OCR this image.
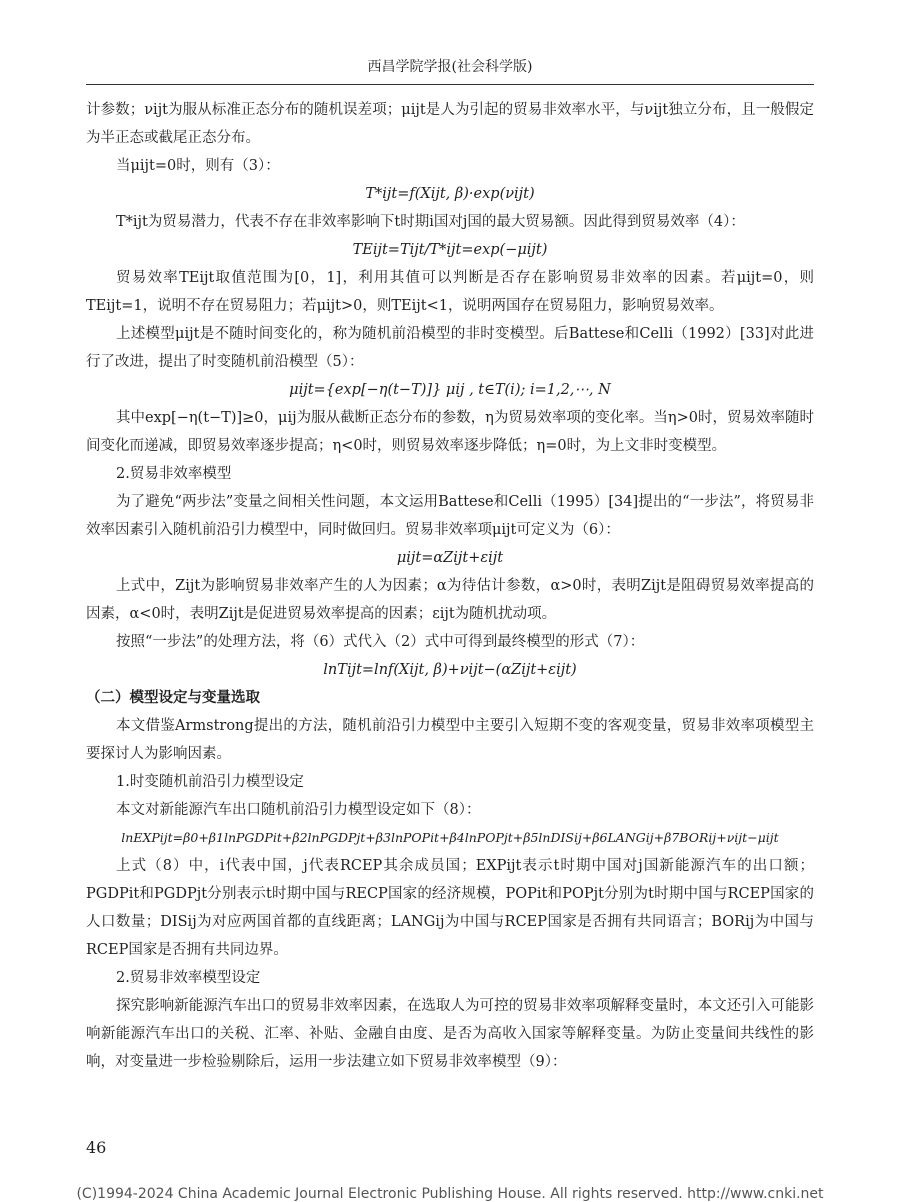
西昌学院学报(社会科学版)

计参数；νijt为服从标准正态分布的随机误差项；μijt是人为引起的贸易非效率水平，与νijt独立分布，且一般假定为半正态或截尾正态分布。

当μijt=0时，则有（3）：

T*ijt=f(Xijt, β)·exp(νijt)

T*ijt为贸易潜力，代表不存在非效率影响下t时期i国对j国的最大贸易额。因此得到贸易效率（4）：

TEijt=Tijt/T*ijt=exp(−μijt)

贸易效率TEijt取值范围为[0，1]，利用其值可以判断是否存在影响贸易非效率的因素。若μijt=0，则TEijt=1，说明不存在贸易阻力；若μijt>0，则TEijt<1，说明两国存在贸易阻力，影响贸易效率。

上述模型μijt是不随时间变化的，称为随机前沿模型的非时变模型。后Battese和Celli（1992）[33]对此进行了改进，提出了时变随机前沿模型（5）：

μijt={exp[−η(t−T)]} μij , t∈T(i); i=1,2,⋯, N

其中exp[−η(t−T)]≥0，μij为服从截断正态分布的参数，η为贸易效率项的变化率。当η>0时，贸易效率随时间变化而递减，即贸易效率逐步提高；η<0时，则贸易效率逐步降低；η=0时，为上文非时变模型。

2.贸易非效率模型

为了避免“两步法”变量之间相关性问题，本文运用Battese和Celli（1995）[34]提出的“一步法”，将贸易非效率因素引入随机前沿引力模型中，同时做回归。贸易非效率项μijt可定义为（6）：

μijt=αZijt+εijt

上式中，Zijt为影响贸易非效率产生的人为因素；α为待估计参数，α>0时，表明Zijt是阻碍贸易效率提高的因素，α<0时，表明Zijt是促进贸易效率提高的因素；εijt为随机扰动项。

按照“一步法”的处理方法，将（6）式代入（2）式中可得到最终模型的形式（7）：

lnTijt=lnf(Xijt, β)+νijt−(αZijt+εijt)

（二）模型设定与变量选取

本文借鉴Armstrong提出的方法，随机前沿引力模型中主要引入短期不变的客观变量，贸易非效率项模型主要探讨人为影响因素。

1.时变随机前沿引力模型设定

本文对新能源汽车出口随机前沿引力模型设定如下（8）：

lnEXPijt=β0+β1lnPGDPit+β2lnPGDPjt+β3lnPOPit+β4lnPOPjt+β5lnDISij+β6LANGij+β7BORij+νijt−μijt

上式（8）中，i代表中国，j代表RCEP其余成员国；EXPijt表示t时期中国对j国新能源汽车的出口额；PGDPit和PGDPjt分别表示t时期中国与RECP国家的经济规模，POPit和POPjt分别为t时期中国与RCEP国家的人口数量；DISij为对应两国首都的直线距离；LANGij为中国与RCEP国家是否拥有共同语言；BORij为中国与RCEP国家是否拥有共同边界。

2.贸易非效率模型设定

探究影响新能源汽车出口的贸易非效率因素，在选取人为可控的贸易非效率项解释变量时，本文还引入可能影响新能源汽车出口的关税、汇率、补贴、金融自由度、是否为高收入国家等解释变量。为防止变量间共线性的影响，对变量进一步检验剔除后，运用一步法建立如下贸易非效率模型（9）：

46
(C)1994-2024 China Academic Journal Electronic Publishing House. All rights reserved. http://www.cnki.net
